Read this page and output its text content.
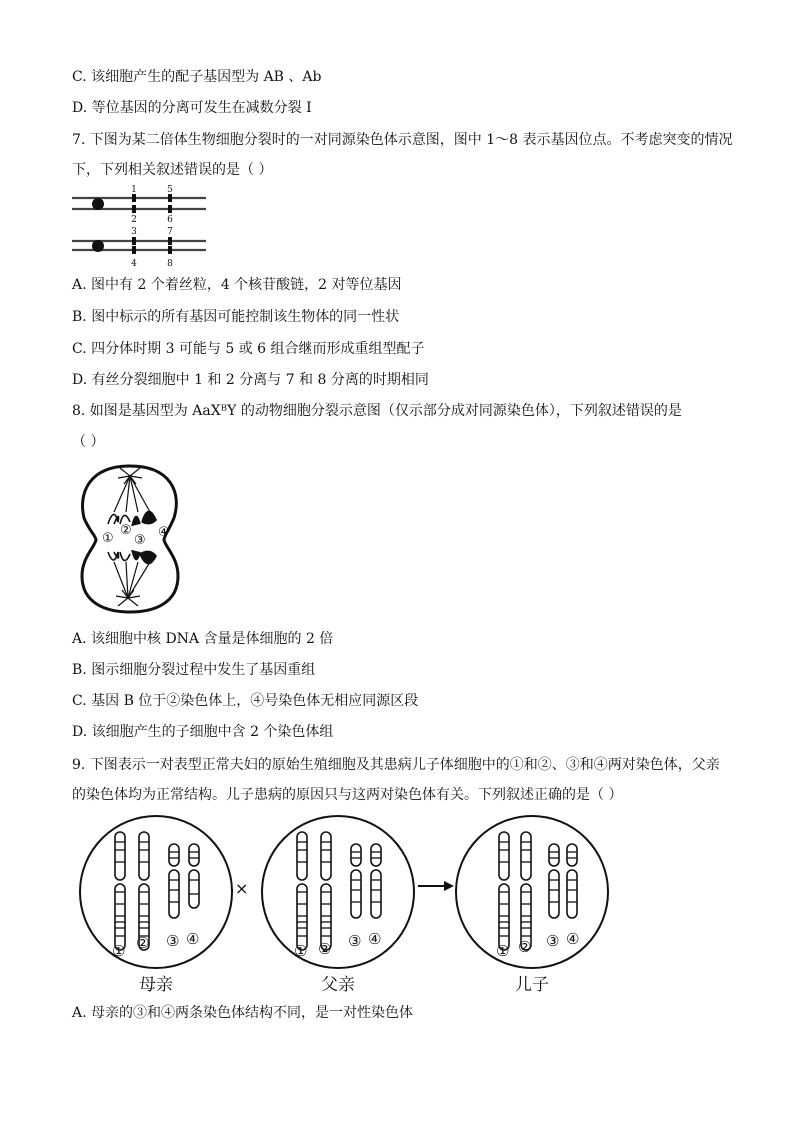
C. 该细胞产生的配子基因型为 AB 、Ab
D. 等位基因的分离可发生在减数分裂 I
7. 下图为某二倍体生物细胞分裂时的一对同源染色体示意图，图中 1～8 表示基因位点。不考虑突变的情况
下，下列相关叙述错误的是（ ）
1
2
3
4
5
6
7
8
A. 图中有 2 个着丝粒，4 个核苷酸链，2 对等位基因
B. 图中标示的所有基因可能控制该生物体的同一性状
C. 四分体时期 3 可能与 5 或 6 组合继而形成重组型配子
D. 有丝分裂细胞中 1 和 2 分离与 7 和 8 分离的时期相同
8. 如图是基因型为 AaXᴮY 的动物细胞分裂示意图（仅示部分成对同源染色体），下列叙述错误的是
（ ）
①
②
③
④
A. 该细胞中核 DNA 含量是体细胞的 2 倍
B. 图示细胞分裂过程中发生了基因重组
C. 基因 B 位于②染色体上，④号染色体无相应同源区段
D. 该细胞产生的子细胞中含 2 个染色体组
9. 下图表示一对表型正常夫妇的原始生殖细胞及其患病儿子体细胞中的①和②、③和④两对染色体，父亲
的染色体均为正常结构。儿子患病的原因只与这两对染色体有关。下列叙述正确的是（ ）
×
① ② ③ ④
① ② ③ ④
① ② ③ ④
母亲	父亲	儿子
A. 母亲的③和④两条染色体结构不同，是一对性染色体
